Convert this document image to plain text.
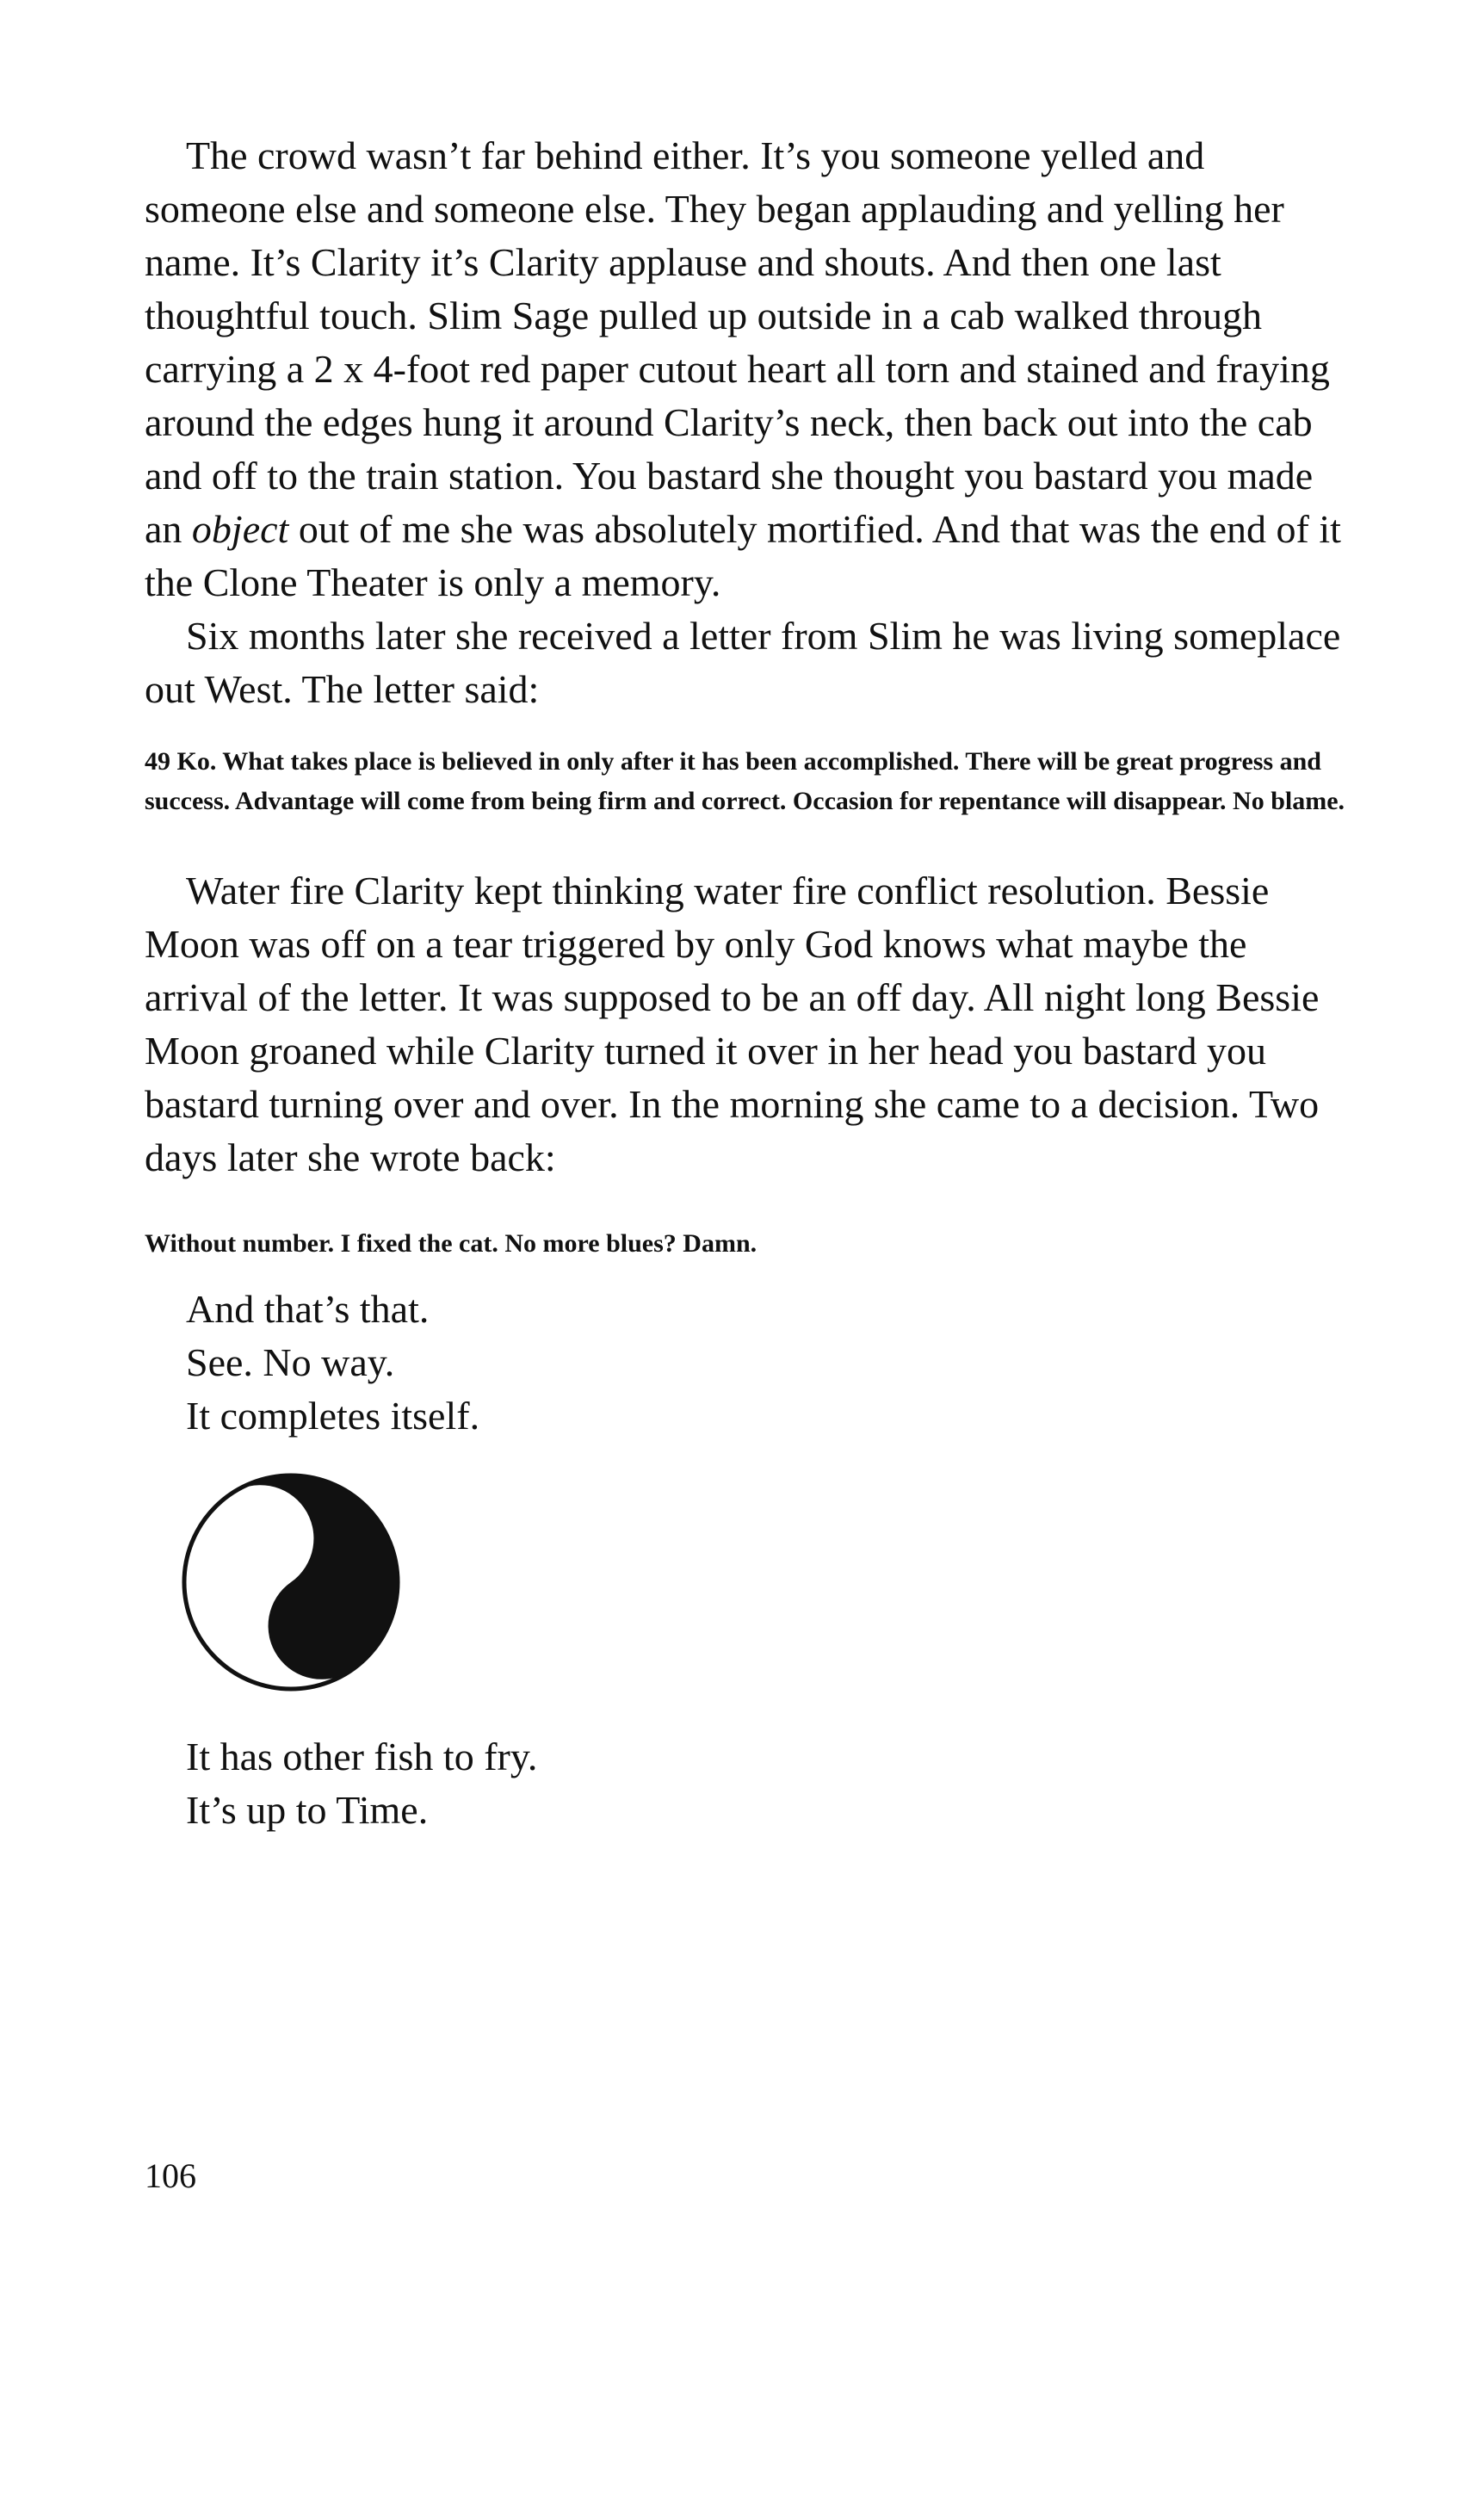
The crowd wasn’t far behind either. It’s you someone yelled and someone else and someone else. They began applauding and yelling her name. It’s Clarity it’s Clarity applause and shouts. And then one last thoughtful touch. Slim Sage pulled up outside in a cab walked through carrying a 2 x 4-foot red paper cutout heart all torn and stained and fraying around the edges hung it around Clarity’s neck, then back out into the cab and off to the train station. You bastard she thought you bastard you made an object out of me she was absolutely mortified. And that was the end of it the Clone Theater is only a memory.

Six months later she received a letter from Slim he was living someplace out West. The letter said:

49 Ko. What takes place is believed in only after it has been accomplished. There will be great progress and success. Advantage will come from being firm and correct. Occasion for repentance will disappear. No blame.

Water fire Clarity kept thinking water fire conflict resolution. Bessie Moon was off on a tear triggered by only God knows what maybe the arrival of the letter. It was supposed to be an off day. All night long Bessie Moon groaned while Clarity turned it over in her head you bastard you bastard turning over and over. In the morning she came to a decision. Two days later she wrote back:

Without number. I fixed the cat. No more blues? Damn.
And that’s that.
See. No way.
It completes itself.
It has other fish to fry.
It’s up to Time.
106
